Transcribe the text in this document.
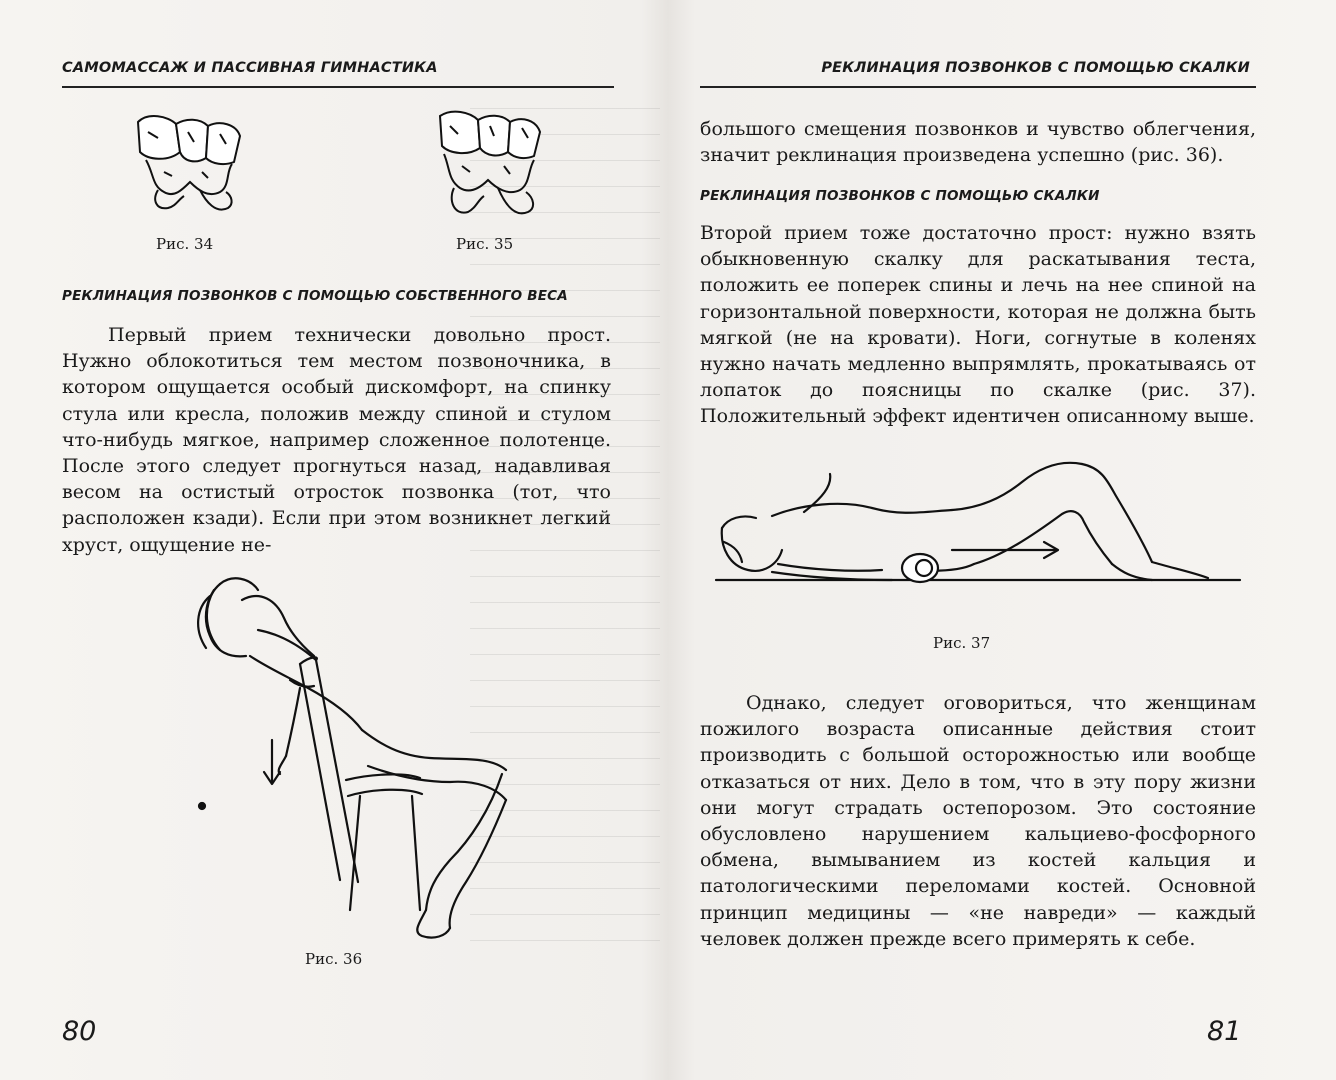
САМОМАССАЖ И ПАССИВНАЯ ГИМНАСТИКА
Рис. 34	Рис. 35
РЕКЛИНАЦИЯ ПОЗВОНКОВ С ПОМОЩЬЮ СОБСТВЕННОГО ВЕСА

Первый прием технически довольно прост. Нужно облокотиться тем местом позвоночника, в котором ощущается особый дискомфорт, на спинку стула или кресла, положив между спиной и стулом что-нибудь мягкое, например сложенное полотенце. После этого следует прогнуться назад, надавливая весом на остистый отросток позвонка (тот, что расположен кзади). Если при этом возникнет легкий хруст, ощущение не-

Рис. 36
80
РЕКЛИНАЦИЯ ПОЗВОНКОВ С ПОМОЩЬЮ СКАЛКИ

большого смещения позвонков и чувство облегчения, значит реклинация произведена успешно (рис. 36).

РЕКЛИНАЦИЯ ПОЗВОНКОВ С ПОМОЩЬЮ СКАЛКИ

Второй прием тоже достаточно прост: нужно взять обыкновенную скалку для раскатывания теста, положить ее поперек спины и лечь на нее спиной на горизонтальной поверхности, которая не должна быть мягкой (не на кровати). Ноги, согнутые в коленях нужно начать медленно выпрямлять, прокатываясь от лопаток до поясницы по скалке (рис. 37). Положительный эффект идентичен описанному выше.

Рис. 37

Однако, следует оговориться, что женщинам пожилого возраста описанные действия стоит производить с большой осторожностью или вообще отказаться от них. Дело в том, что в эту пору жизни они могут страдать остепорозом. Это состояние обусловлено нарушением кальциево-фосфорного обмена, вымыванием из костей кальция и патологическими переломами костей. Основной принцип медицины — «не навреди» — каждый человек должен прежде всего примерять к себе.

81
